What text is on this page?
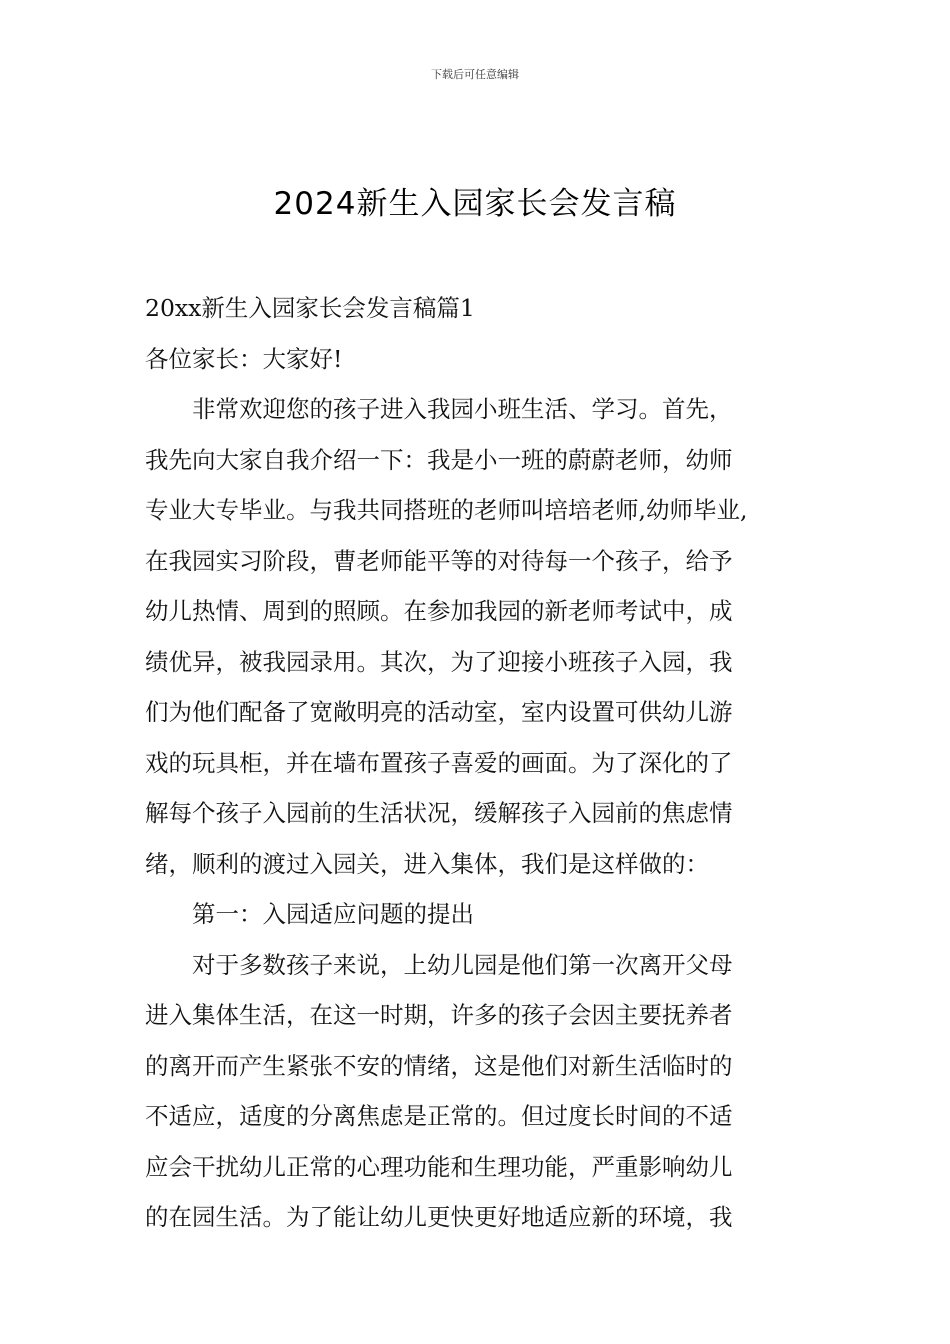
下载后可任意编辑
2024新生入园家长会发言稿
20xx新生入园家长会发言稿篇1
各位家长：大家好!
非常欢迎您的孩子进入我园小班生活、学习。首先，
我先向大家自我介绍一下：我是小一班的蔚蔚老师，幼师
专业大专毕业。与我共同搭班的老师叫培培老师,幼师毕业,
在我园实习阶段，曹老师能平等的对待每一个孩子，给予
幼儿热情、周到的照顾。在参加我园的新老师考试中，成
绩优异，被我园录用。其次，为了迎接小班孩子入园，我
们为他们配备了宽敞明亮的活动室，室内设置可供幼儿游
戏的玩具柜，并在墙布置孩子喜爱的画面。为了深化的了
解每个孩子入园前的生活状况，缓解孩子入园前的焦虑情
绪，顺利的渡过入园关，进入集体，我们是这样做的：
第一：入园适应问题的提出
对于多数孩子来说，上幼儿园是他们第一次离开父母
进入集体生活，在这一时期，许多的孩子会因主要抚养者
的离开而产生紧张不安的情绪，这是他们对新生活临时的
不适应，适度的分离焦虑是正常的。但过度长时间的不适
应会干扰幼儿正常的心理功能和生理功能，严重影响幼儿
的在园生活。为了能让幼儿更快更好地适应新的环境，我
